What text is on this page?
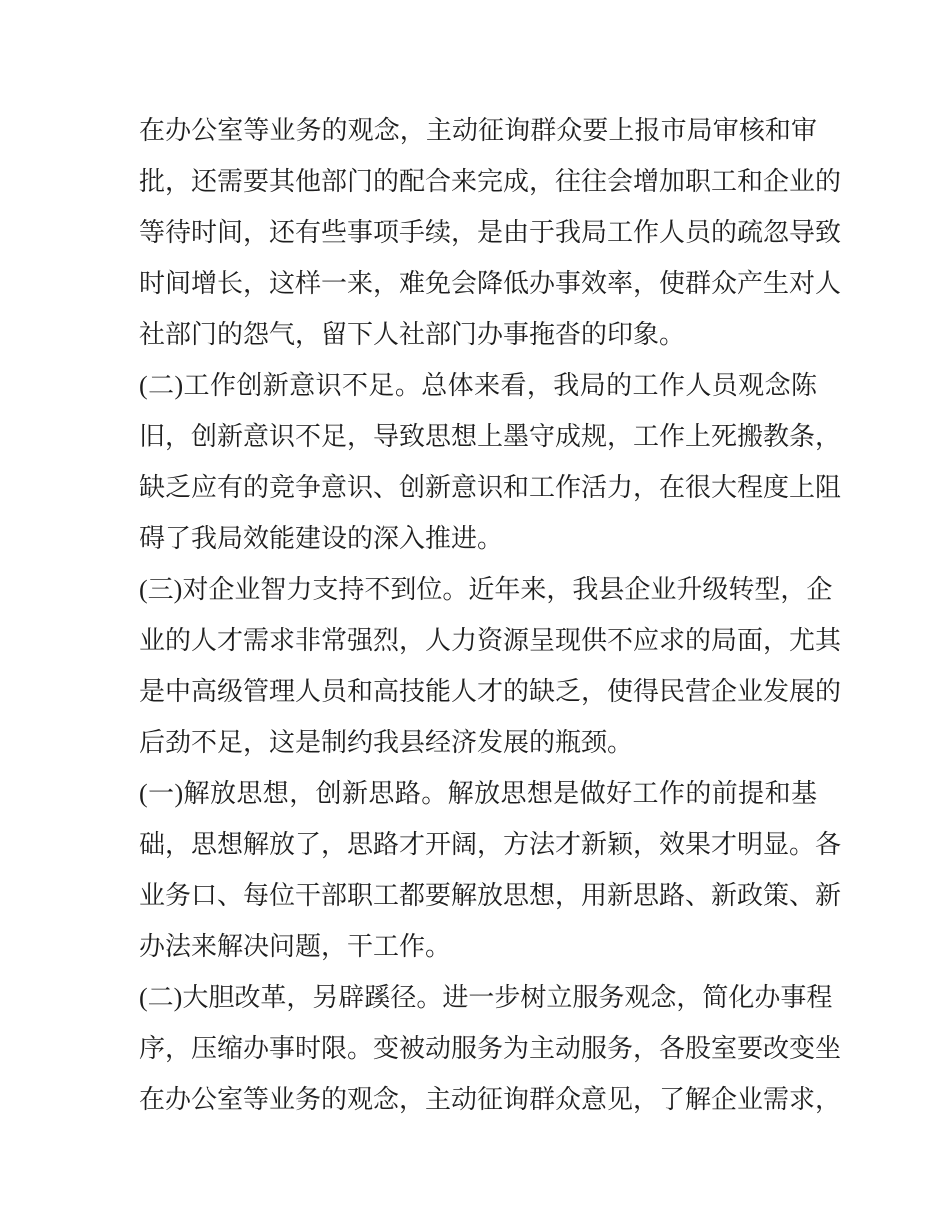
在办公室等业务的观念，主动征询群众要上报市局审核和审
批，还需要其他部门的配合来完成，往往会增加职工和企业的
等待时间，还有些事项手续，是由于我局工作人员的疏忽导致
时间增长，这样一来，难免会降低办事效率，使群众产生对人
社部门的怨气，留下人社部门办事拖沓的印象。
(二)工作创新意识不足。总体来看，我局的工作人员观念陈
旧，创新意识不足，导致思想上墨守成规，工作上死搬教条，
缺乏应有的竞争意识、创新意识和工作活力，在很大程度上阻
碍了我局效能建设的深入推进。
(三)对企业智力支持不到位。近年来，我县企业升级转型，企
业的人才需求非常强烈，人力资源呈现供不应求的局面，尤其
是中高级管理人员和高技能人才的缺乏，使得民营企业发展的
后劲不足，这是制约我县经济发展的瓶颈。
(一)解放思想，创新思路。解放思想是做好工作的前提和基
础，思想解放了，思路才开阔，方法才新颖，效果才明显。各
业务口、每位干部职工都要解放思想，用新思路、新政策、新
办法来解决问题，干工作。
(二)大胆改革，另辟蹊径。进一步树立服务观念，简化办事程
序，压缩办事时限。变被动服务为主动服务，各股室要改变坐
在办公室等业务的观念，主动征询群众意见，了解企业需求，
